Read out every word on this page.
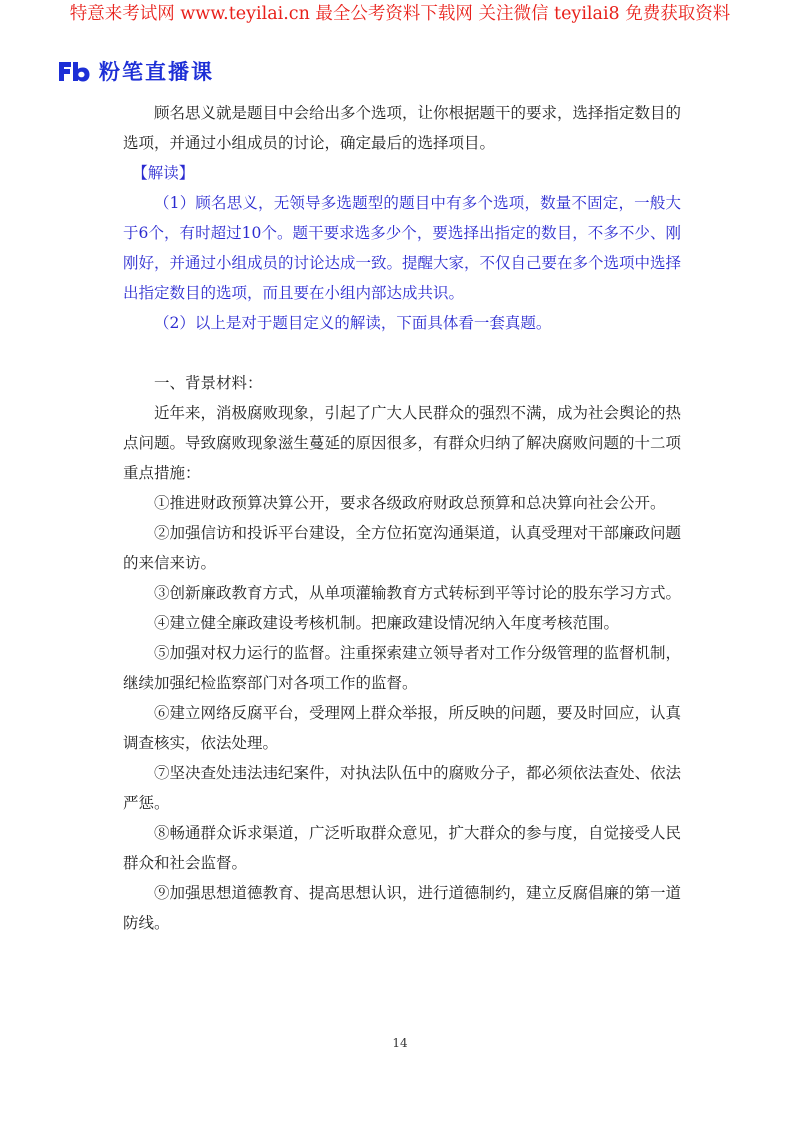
特意来考试网 www.teyilai.cn 最全公考资料下载网 关注微信 teyilai8 免费获取资料
粉笔直播课

顾名思义就是题目中会给出多个选项，让你根据题干的要求，选择指定数目的选项，并通过小组成员的讨论，确定最后的选择项目。

【解读】

（1）顾名思义，无领导多选题型的题目中有多个选项，数量不固定，一般大于6个，有时超过10个。题干要求选多少个，要选择出指定的数目，不多不少、刚刚好，并通过小组成员的讨论达成一致。提醒大家，不仅自己要在多个选项中选择出指定数目的选项，而且要在小组内部达成共识。

（2）以上是对于题目定义的解读，下面具体看一套真题。

一、背景材料：

近年来，消极腐败现象，引起了广大人民群众的强烈不满，成为社会舆论的热点问题。导致腐败现象滋生蔓延的原因很多，有群众归纳了解决腐败问题的十二项重点措施：

①推进财政预算决算公开，要求各级政府财政总预算和总决算向社会公开。

②加强信访和投诉平台建设，全方位拓宽沟通渠道，认真受理对干部廉政问题的来信来访。

③创新廉政教育方式，从单项灌输教育方式转标到平等讨论的股东学习方式。

④建立健全廉政建设考核机制。把廉政建设情况纳入年度考核范围。

⑤加强对权力运行的监督。注重探索建立领导者对工作分级管理的监督机制，继续加强纪检监察部门对各项工作的监督。

⑥建立网络反腐平台，受理网上群众举报，所反映的问题，要及时回应，认真调查核实，依法处理。

⑦坚决查处违法违纪案件，对执法队伍中的腐败分子，都必须依法查处、依法严惩。

⑧畅通群众诉求渠道，广泛听取群众意见，扩大群众的参与度，自觉接受人民群众和社会监督。

⑨加强思想道德教育、提高思想认识，进行道德制约，建立反腐倡廉的第一道防线。

14
